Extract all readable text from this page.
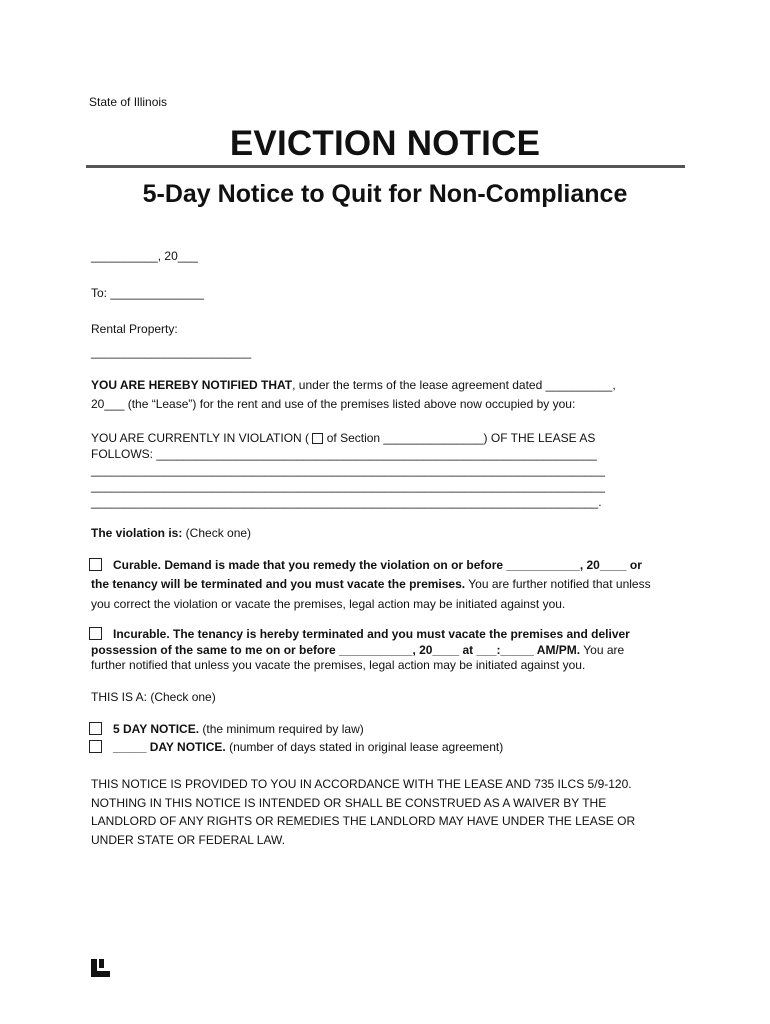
State of Illinois
EVICTION NOTICE
5-Day Notice to Quit for Non-Compliance
__________, 20___
To: ______________
Rental Property:
________________________
YOU ARE HEREBY NOTIFIED THAT, under the terms of the lease agreement dated __________,
20___ (the “Lease”) for the rent and use of the premises listed above now occupied by you:
YOU ARE CURRENTLY IN VIOLATION ( of Section _______________) OF THE LEASE AS
FOLLOWS: __________________________________________________________________
_____________________________________________________________________________
_____________________________________________________________________________
____________________________________________________________________________.
The violation is: (Check one)
Curable. Demand is made that you remedy the violation on or before ___________, 20____ or
the tenancy will be terminated and you must vacate the premises. You are further notified that unless
you correct the violation or vacate the premises, legal action may be initiated against you.
Incurable. The tenancy is hereby terminated and you must vacate the premises and deliver
possession of the same to me on or before ___________, 20____ at ___:_____ AM/PM. You are
further notified that unless you vacate the premises, legal action may be initiated against you.
THIS IS A: (Check one)
5 DAY NOTICE. (the minimum required by law)
_____ DAY NOTICE. (number of days stated in original lease agreement)
THIS NOTICE IS PROVIDED TO YOU IN ACCORDANCE WITH THE LEASE AND 735 ILCS 5/9-120.
NOTHING IN THIS NOTICE IS INTENDED OR SHALL BE CONSTRUED AS A WAIVER BY THE
LANDLORD OF ANY RIGHTS OR REMEDIES THE LANDLORD MAY HAVE UNDER THE LEASE OR
UNDER STATE OR FEDERAL LAW.
